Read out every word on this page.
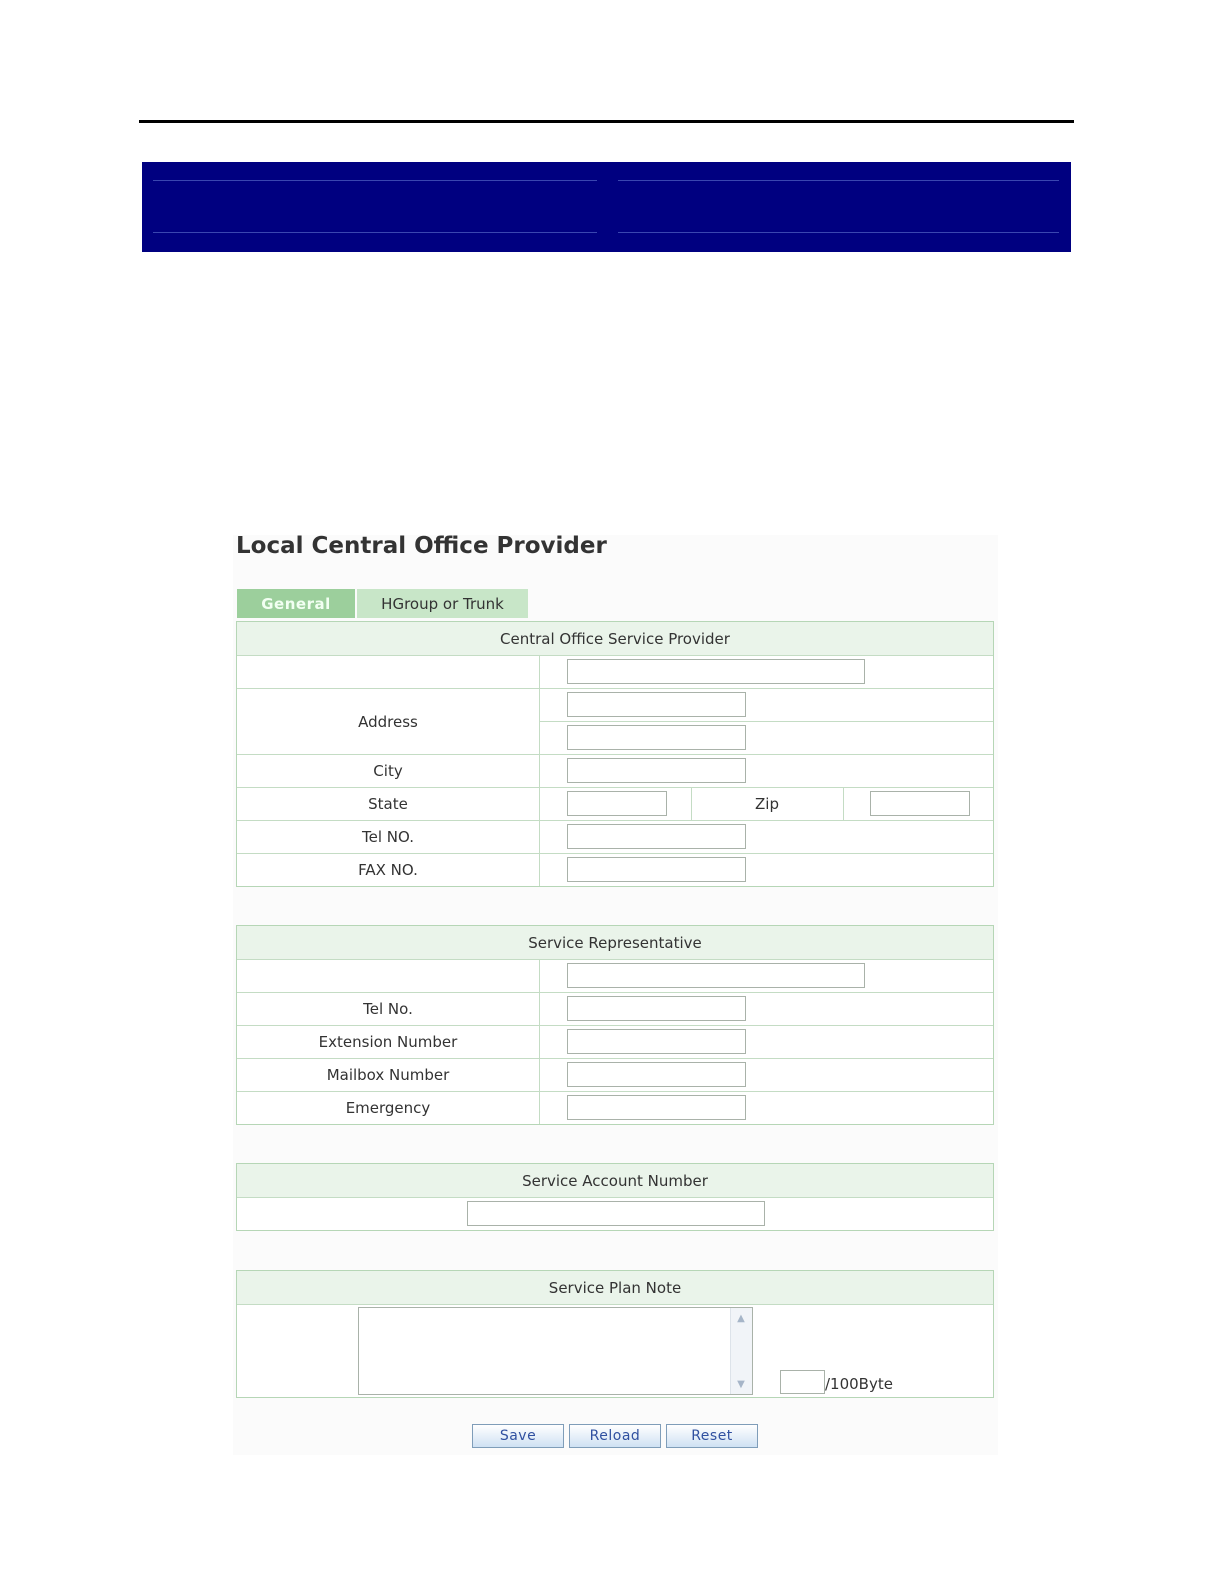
Local Central Office Provider
General	HGroup or Trunk
Central Office Service Provider
Address
City
State	Zip
Tel NO.
FAX NO.
Service Representative
Tel No.
Extension Number
Mailbox Number
Emergency
Service Account Number
Service Plan Note
▲
▼	/100Byte
Save	Reload	Reset
